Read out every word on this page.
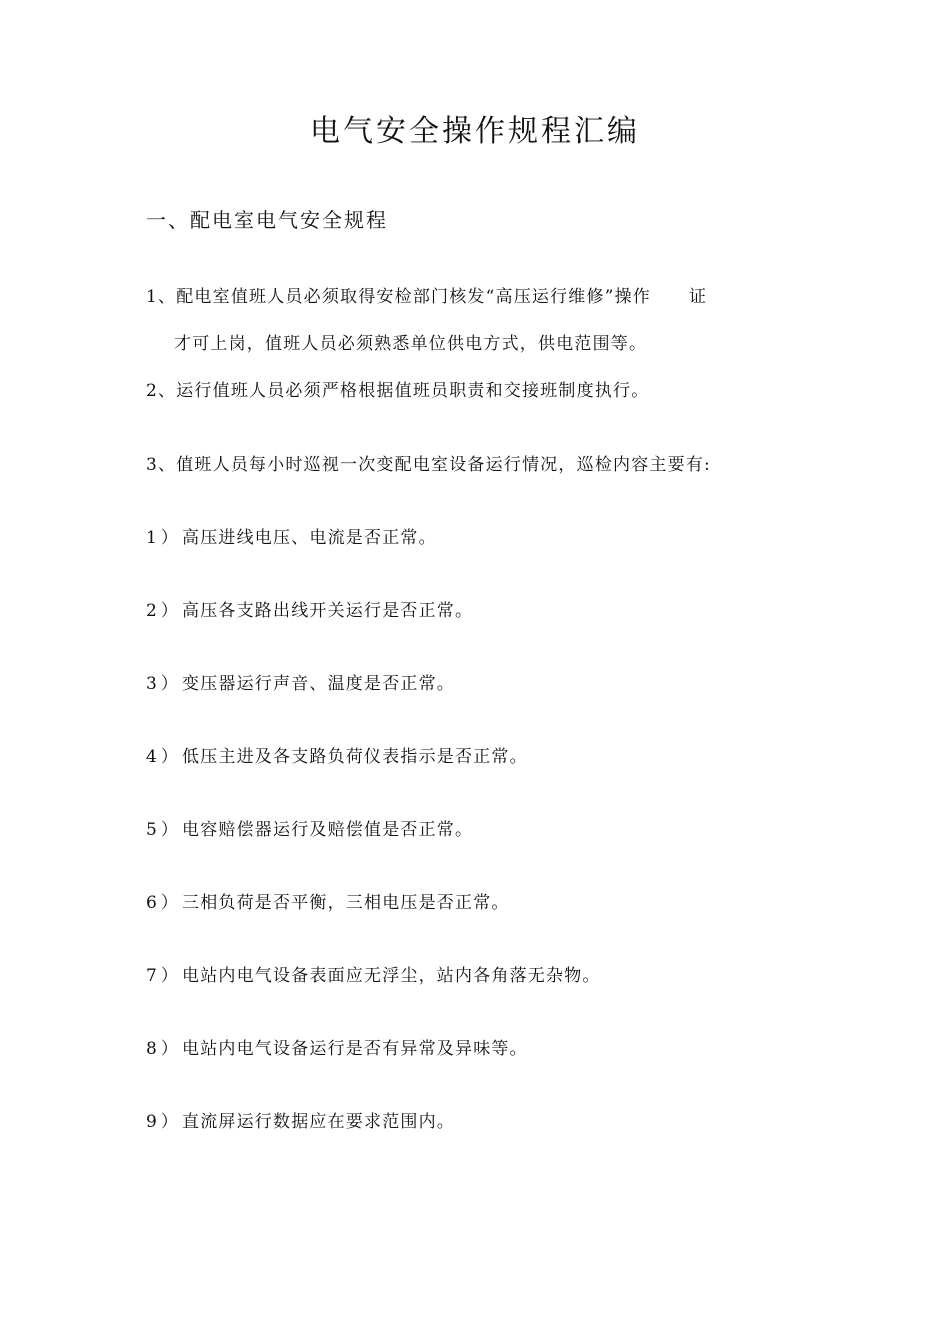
电气安全操作规程汇编
一、配电室电气安全规程
1、配电室值班人员必须取得安检部门核发“高压运行维修”操作 证
才可上岗，值班人员必须熟悉单位供电方式，供电范围等。
2、运行值班人员必须严格根据值班员职责和交接班制度执行。
3、值班人员每小时巡视一次变配电室设备运行情况，巡检内容主要有:
1）高压进线电压、电流是否正常。
2）高压各支路出线开关运行是否正常。
3）变压器运行声音、温度是否正常。
4）低压主进及各支路负荷仪表指示是否正常。
5）电容赔偿器运行及赔偿值是否正常。
6）三相负荷是否平衡，三相电压是否正常。
7）电站内电气设备表面应无浮尘，站内各角落无杂物。
8）电站内电气设备运行是否有异常及异味等。
9）直流屏运行数据应在要求范围内。
